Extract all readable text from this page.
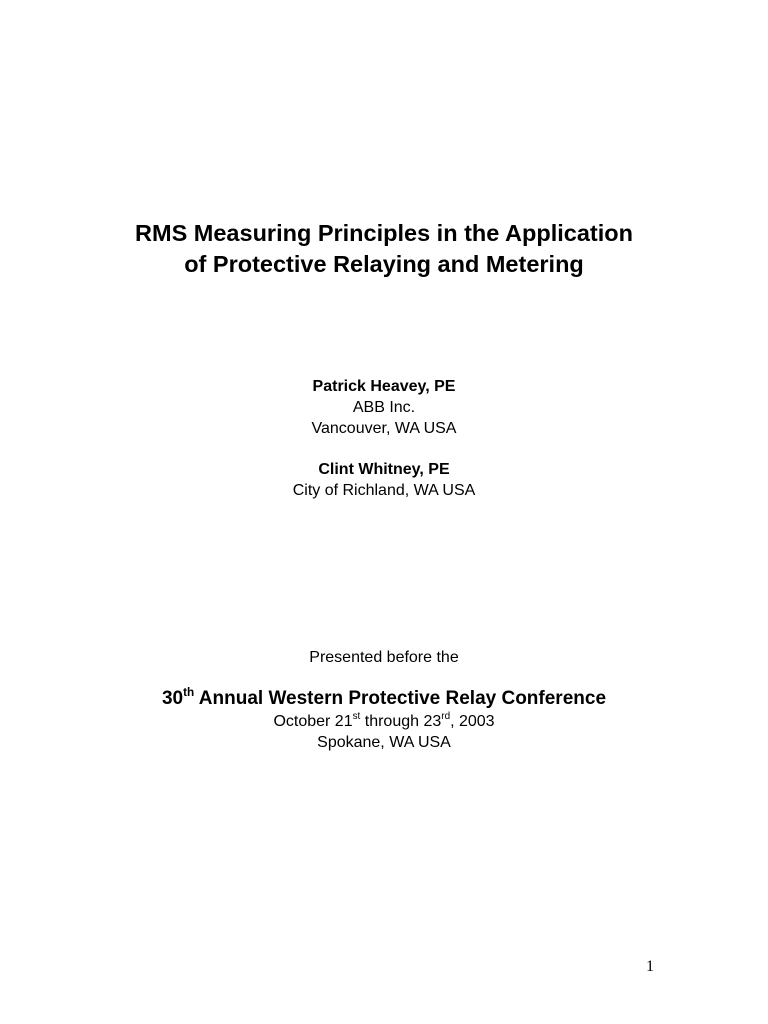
RMS Measuring Principles in the Application
of Protective Relaying and Metering
Patrick Heavey, PE
ABB Inc.
Vancouver, WA USA
Clint Whitney, PE
City of Richland, WA USA
Presented before the
30th Annual Western Protective Relay Conference
October 21st through 23rd, 2003
Spokane, WA USA
1
